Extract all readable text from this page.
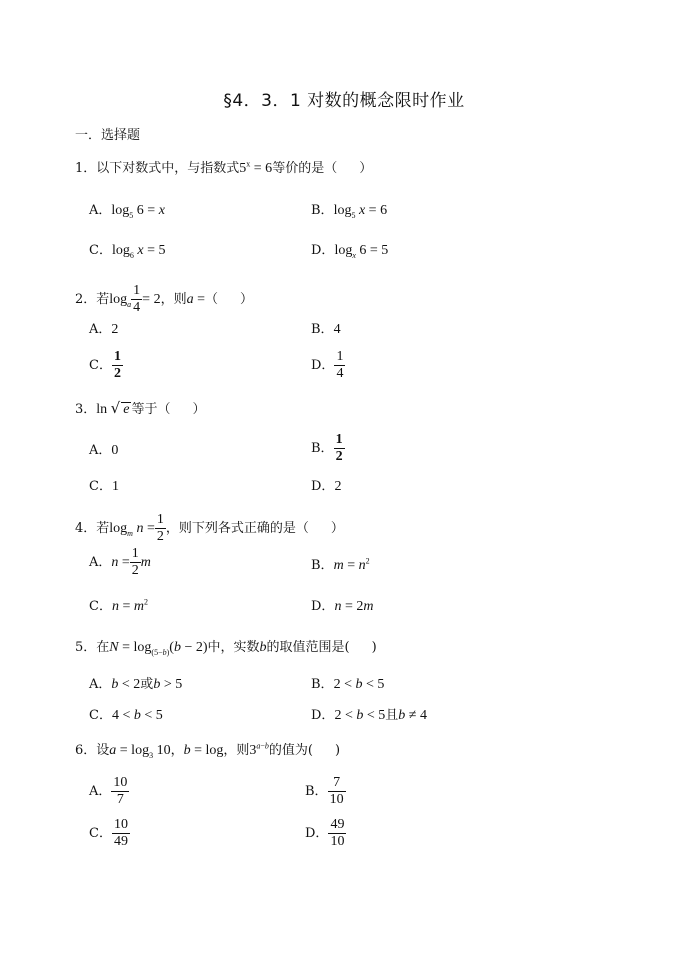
§4．3．1 对数的概念限时作业
一．选择题
1．以下对数式中，与指数式$5^x = 6$等价的是（ ）
A．$\log_5 6 = x$	B．$\log_5 x = 6$
C．$\log_6 x = 5$	D．$\log_x 6 = 5$
2．若$\log_a \frac{1}{4} = 2$，则a =（ ）
A．2	B．4
C． $\frac{1}{2}$	D． $\frac{1}{4}$
3．ln √ e 等于（ ）
A．0	B． $\frac{1}{2}$
C．1	D．2
4．若$\log_m n = \frac{1}{2}$ ，则下列各式正确的是（ ）
A．$n = \frac{1}{2}$ m	B．$m = n^2$
C．$n = m^2$	D．n = 2m
5．在$N = \log_{(5-b)}(b - 2)$中，实数b的取值范围是( )
A．b < 2或b > 5	B．2 < b < 5
C．4 < b < 5	D．2 < b < 5且b ≠ 4
6．设$a = \log_3 10$，b = log，则$3^{a-b}$的值为( )
A． $\frac{10}{7}$	B． $\frac{7}{10}$
C． $\frac{10}{49}$	D． $\frac{49}{10}$
